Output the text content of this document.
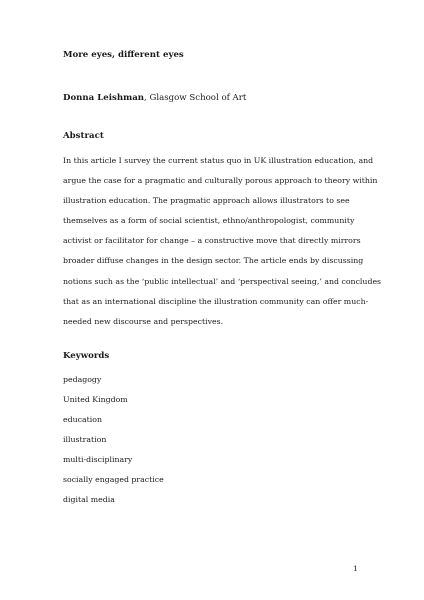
More eyes, different eyes
Donna Leishman, Glasgow School of Art
Abstract
In this article I survey the current status quo in UK illustration education, and
argue the case for a pragmatic and culturally porous approach to theory within
illustration education. The pragmatic approach allows illustrators to see
themselves as a form of social scientist, ethno/anthropologist, community
activist or facilitator for change – a constructive move that directly mirrors
broader diffuse changes in the design sector. The article ends by discussing
notions such as the ‘public intellectual’ and ‘perspectival seeing,’ and concludes
that as an international discipline the illustration community can offer much-
needed new discourse and perspectives.
Keywords
pedagogy
United Kingdom
education
illustration
multi-disciplinary
socially engaged practice
digital media
1
